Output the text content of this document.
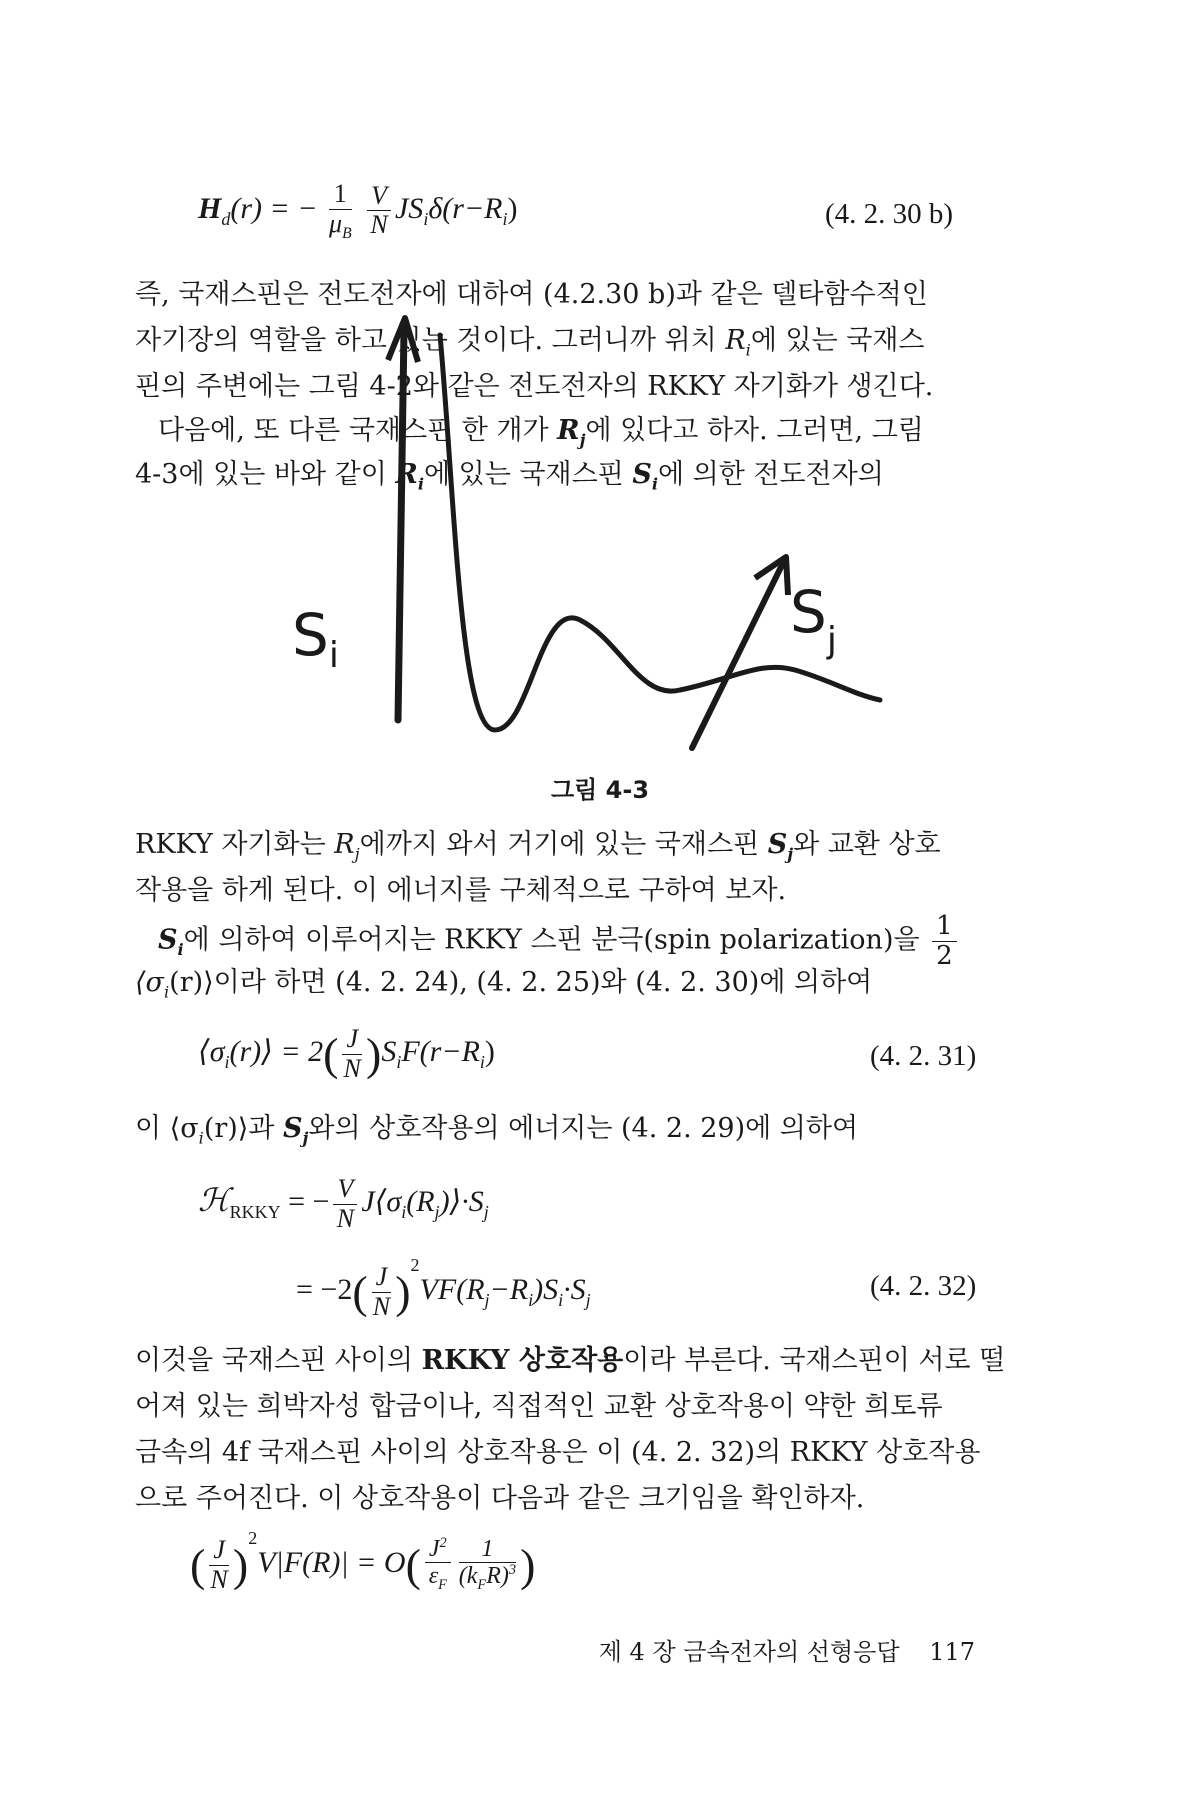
$H_d(r)$ = − $\frac{1}{\mu_B}$
$\frac{V}{N} JS_i\delta(r-R_i)$	(4. 2. 30 b)
즉, 국재스핀은 전도전자에 대하여 (4.2.30 b)과 같은 델타함수적인
자기장의 역할을 하고 있는 것이다. 그러니까 위치 $R_i$에 있는 국재스
핀의 주변에는 그림 4-2와 같은 전도전자의 RKKY 자기화가 생긴다.
다음에, 또 다른 국재스핀 한 개가 $R_j$에 있다고 하자. 그러면, 그림
4-3에 있는 바와 같이 $R_i$에 있는 국재스핀 $S_i$에 의한 전도전자의
$S_i$
$S_j$
그림 4-3
RKKY 자기화는 $R_j$에까지 와서 거기에 있는 국재스핀 $S_j$와 교환 상호
작용을 하게 된다. 이 에너지를 구체적으로 구하여 보자.
$S_i$에 의하여 이루어지는 RKKY 스핀 분극(spin polarization)을 $\frac{1}{2}$
$⟨\sigma_i(r)⟩$이라 하면 (4. 2. 24), (4. 2. 25)와 (4. 2. 30)에 의하여
$⟨\sigma_i(r)⟩ = 2( \frac{J}{N} )S_iF(r-R_i)$	(4. 2. 31)
이 $⟨\sigma_i(r)⟩$과 $S_j$와의 상호작용의 에너지는 (4. 2. 29)에 의하여
ℋ$_{RKKY}$ = − $\frac{V}{N}$ $J⟨\sigma_i(R_j)⟩\cdot S_j$
= $-2( \frac{J}{N} )^2VF(R_j-R_i)S_i\cdot S_j$	(4. 2. 32)
이것을 국재스핀 사이의 RKKY 상호작용이라 부른다. 국재스핀이 서로 떨
어져 있는 희박자성 합금이나, 직접적인 교환 상호작용이 약한 희토류
금속의 4f 국재스핀 사이의 상호작용은 이 (4. 2. 32)의 RKKY 상호작용
으로 주어진다. 이 상호작용이 다음과 같은 크기임을 확인하자.
( $\frac{J}{N} )^2V|F(R)| = O( \frac{J^2}{\varepsilon_F} \frac{1}{(k_FR)^3}$ )
제 4 장 금속전자의 선형응답 117
